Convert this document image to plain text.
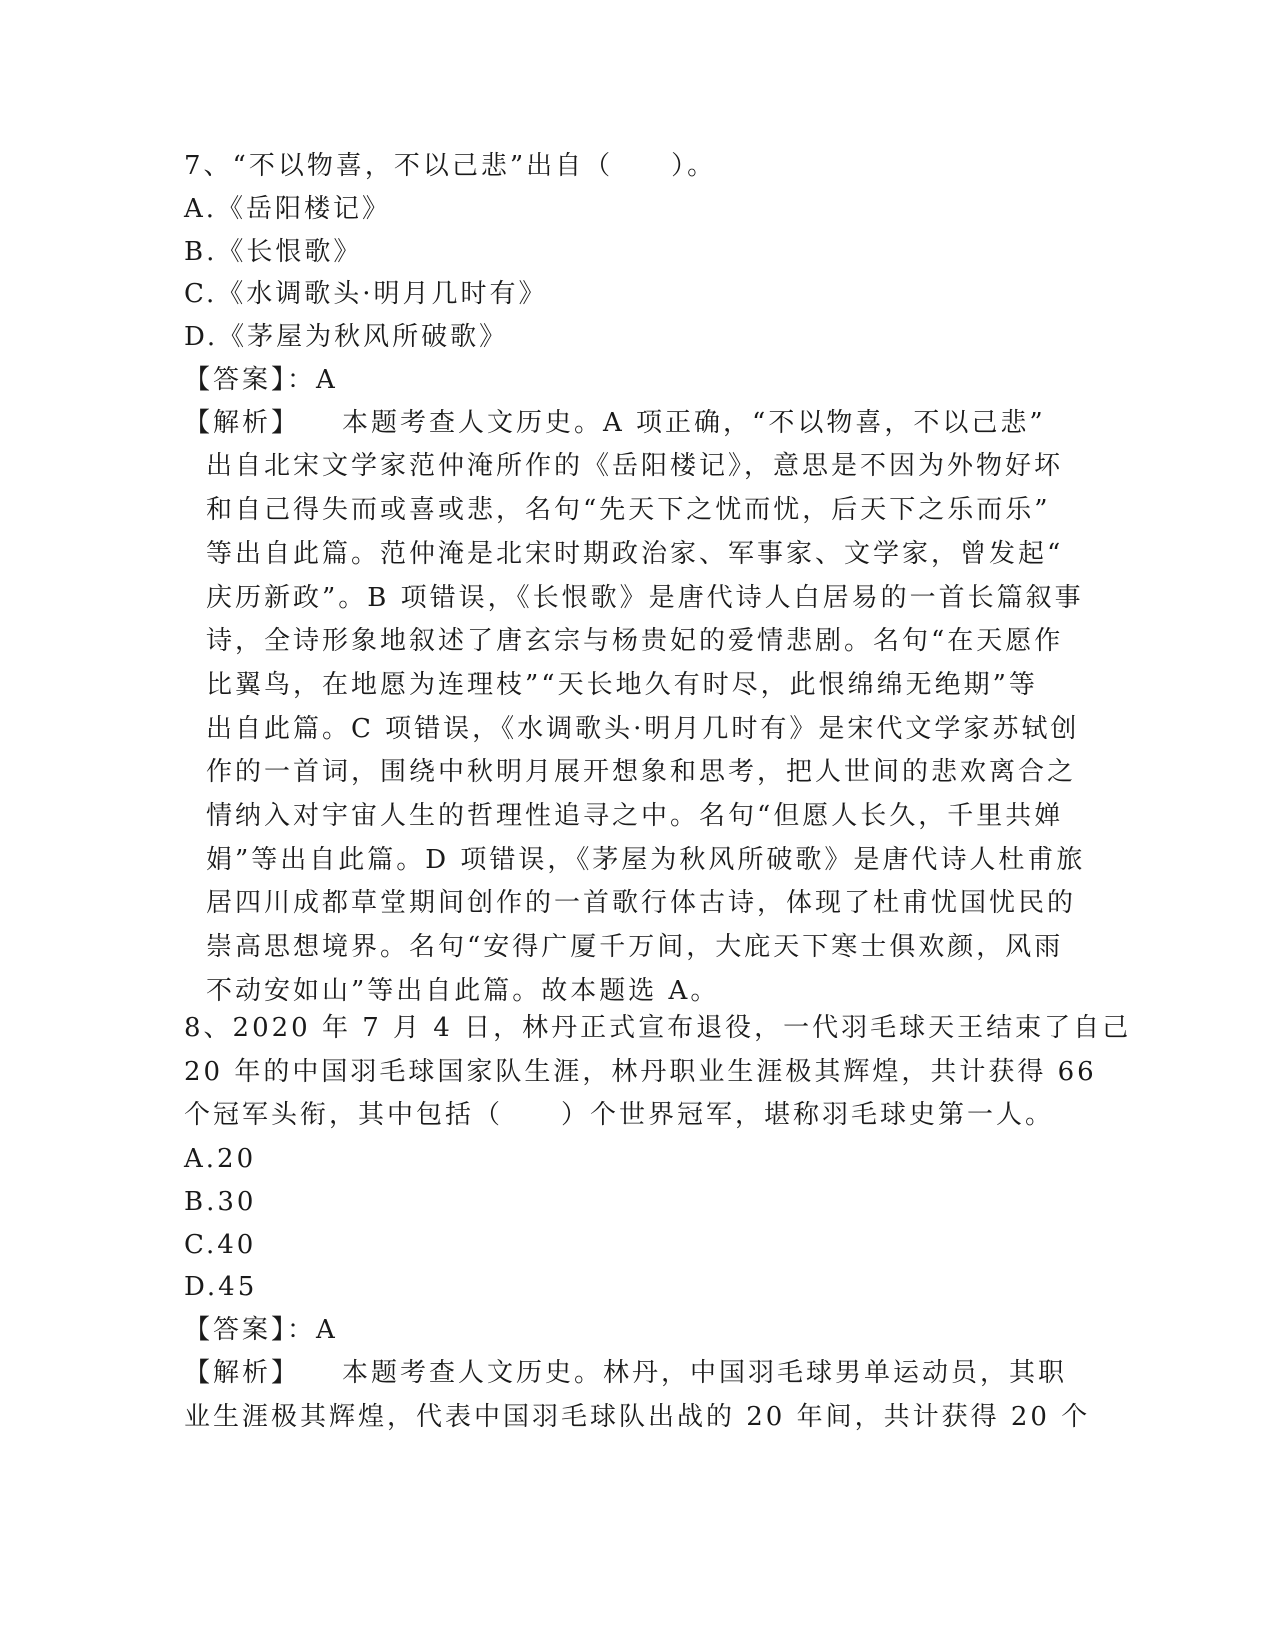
7、“不以物喜，不以己悲”出自（　　）。
A.《岳阳楼记》
B.《长恨歌》
C.《水调歌头·明月几时有》
D.《茅屋为秋风所破歌》
【答案】：A
【解析】 本题考查人文历史。A 项正确，“不以物喜，不以己悲”
出自北宋文学家范仲淹所作的《岳阳楼记》，意思是不因为外物好坏
和自己得失而或喜或悲，名句“先天下之忧而忧，后天下之乐而乐”
等出自此篇。范仲淹是北宋时期政治家、军事家、文学家，曾发起“
庆历新政”。B 项错误，《长恨歌》是唐代诗人白居易的一首长篇叙事
诗，全诗形象地叙述了唐玄宗与杨贵妃的爱情悲剧。名句“在天愿作
比翼鸟，在地愿为连理枝”“天长地久有时尽，此恨绵绵无绝期”等
出自此篇。C 项错误，《水调歌头·明月几时有》是宋代文学家苏轼创
作的一首词，围绕中秋明月展开想象和思考，把人世间的悲欢离合之
情纳入对宇宙人生的哲理性追寻之中。名句“但愿人长久，千里共婵
娟”等出自此篇。D 项错误，《茅屋为秋风所破歌》是唐代诗人杜甫旅
居四川成都草堂期间创作的一首歌行体古诗，体现了杜甫忧国忧民的
崇高思想境界。名句“安得广厦千万间，大庇天下寒士俱欢颜，风雨
不动安如山”等出自此篇。故本题选 A。
8、2020 年 7 月 4 日，林丹正式宣布退役，一代羽毛球天王结束了自己
20 年的中国羽毛球国家队生涯，林丹职业生涯极其辉煌，共计获得 66
个冠军头衔，其中包括（　　）个世界冠军，堪称羽毛球史第一人。
A.20
B.30
C.40
D.45
【答案】：A
【解析】 本题考查人文历史。林丹，中国羽毛球男单运动员，其职
业生涯极其辉煌，代表中国羽毛球队出战的 20 年间，共计获得 20 个
